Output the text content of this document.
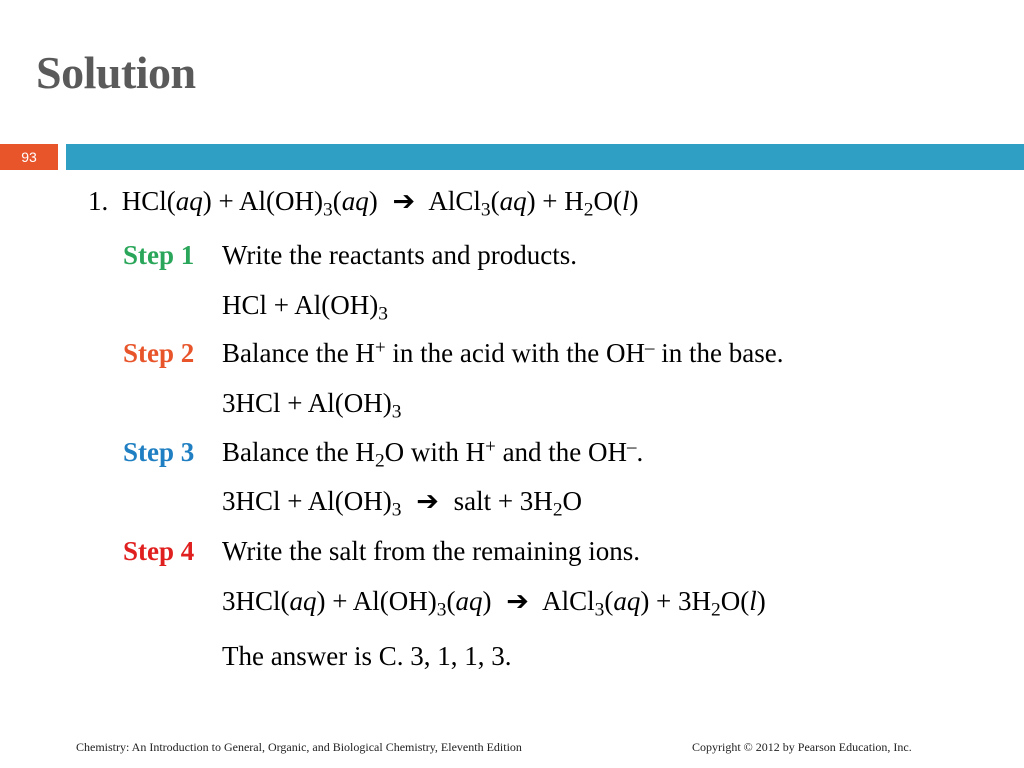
Solution
93
1. $HCl(aq) + Al(OH)_3(aq)$ ➔ AlCl$_3$(aq) + $H_2O(l)$
Step 1 Write the reactants and products.
HCl + $Al(OH)_3$
Step 2 Balance the H+ in the acid with the OH– in the base.
$3HCl + Al(OH)_3$
Step 3 Balance the $H_2O$ with H+ and the OH–.
$3HCl + Al(OH)_3$ ➔ salt + $3H_2O$
Step 4 Write the salt from the remaining ions.
$3HCl(aq) + Al(OH)_3(aq)$ ➔ AlCl$_3$(aq) + $3H_2O(l)$
The answer is C. 3, 1, 1, 3.
Chemistry: An Introduction to General, Organic, and Biological Chemistry, Eleventh Edition	Copyright © 2012 by Pearson Education, Inc.
